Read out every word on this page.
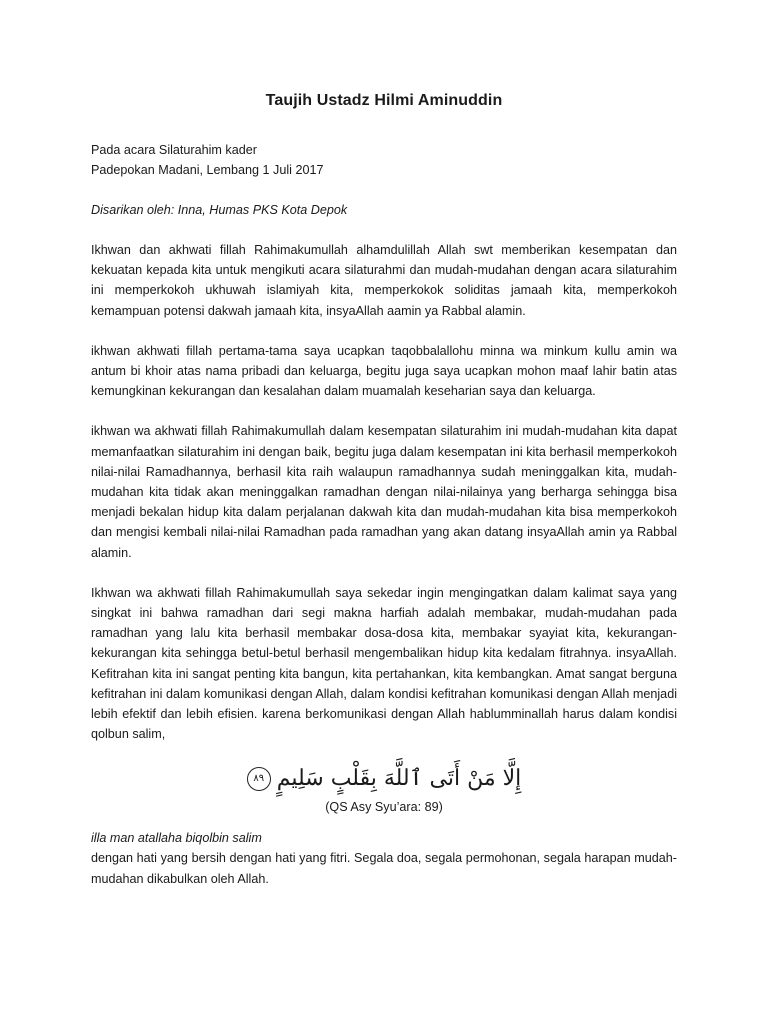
Taujih Ustadz Hilmi Aminuddin

Pada acara Silaturahim kader

Padepokan Madani, Lembang 1 Juli 2017

Disarikan oleh: Inna, Humas PKS Kota Depok

Ikhwan dan akhwati fillah Rahimakumullah alhamdulillah Allah swt memberikan kesempatan dan kekuatan kepada kita untuk mengikuti acara silaturahmi dan mudah-mudahan dengan acara silaturahim ini memperkokoh ukhuwah islamiyah kita, memperkokok soliditas jamaah kita, memperkokoh kemampuan potensi dakwah jamaah kita, insyaAllah aamin ya Rabbal alamin.

ikhwan akhwati fillah pertama-tama saya ucapkan taqobbalallohu minna wa minkum kullu amin wa antum bi khoir atas nama pribadi dan keluarga, begitu juga saya ucapkan mohon maaf lahir batin atas kemungkinan kekurangan dan kesalahan dalam muamalah keseharian saya dan keluarga.

ikhwan wa akhwati fillah Rahimakumullah dalam kesempatan silaturahim ini mudah-mudahan kita dapat memanfaatkan silaturahim ini dengan baik, begitu juga dalam kesempatan ini kita berhasil memperkokoh nilai-nilai Ramadhannya, berhasil kita raih walaupun ramadhannya sudah meninggalkan kita, mudah-mudahan kita tidak akan meninggalkan ramadhan dengan nilai-nilainya yang berharga sehingga bisa menjadi bekalan hidup kita dalam perjalanan dakwah kita dan mudah-mudahan kita bisa memperkokoh dan mengisi kembali nilai-nilai Ramadhan pada ramadhan yang akan datang insyaAllah amin ya Rabbal alamin.

Ikhwan wa akhwati fillah Rahimakumullah saya sekedar ingin mengingatkan dalam kalimat saya yang singkat ini bahwa ramadhan dari segi makna harfiah adalah membakar, mudah-mudahan pada ramadhan yang lalu kita berhasil membakar dosa-dosa kita, membakar syayiat kita, kekurangan-kekurangan kita sehingga betul-betul berhasil mengembalikan hidup kita kedalam fitrahnya. insyaAllah. Kefitrahan kita ini sangat penting kita bangun, kita pertahankan, kita kembangkan. Amat sangat berguna kefitrahan ini dalam komunikasi dengan Allah, dalam kondisi kefitrahan komunikasi dengan Allah menjadi lebih efektif dan lebih efisien. karena berkomunikasi dengan Allah hablumminallah harus dalam kondisi qolbun salim,

إِلَّا مَنْ أَتَى ٱللَّهَ بِقَلْبٍ سَلِيمٍ
٨٩
(QS Asy Syu’ara: 89)
illa man atallaha biqolbin salim
dengan hati yang bersih dengan hati yang fitri. Segala doa, segala permohonan, segala harapan mudah-mudahan dikabulkan oleh Allah.
